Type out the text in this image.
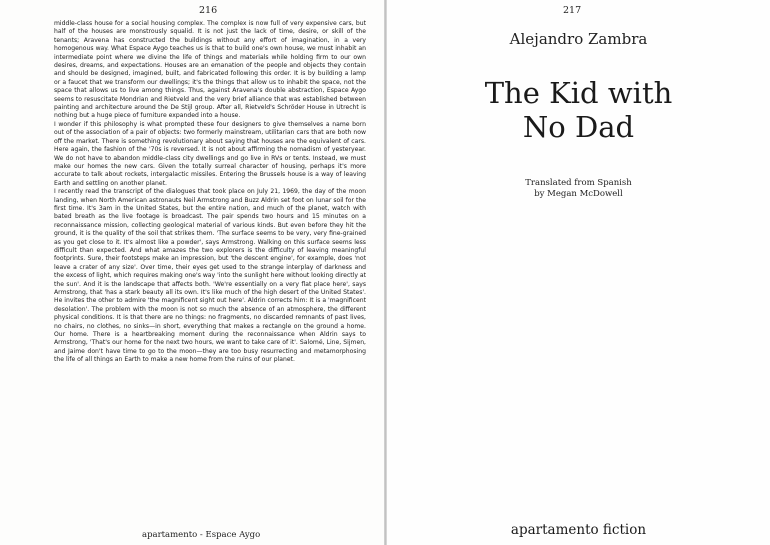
216

middle-class house for a social housing complex. The complex is now full of very expensive cars, but half of the houses are monstrously squalid. It is not just the lack of time, desire, or skill of the tenants; Aravena has constructed the buildings without any effort of imagination, in a very homogenous way. What Espace Aygo teaches us is that to build one's own house, we must inhabit an intermediate point where we divine the life of things and materials while holding firm to our own desires, dreams, and expectations. Houses are an emanation of the people and objects they contain and should be designed, imagined, built, and fabricated following this order. It is by building a lamp or a faucet that we transform our dwellings; it's the things that allow us to inhabit the space, not the space that allows us to live among things. Thus, against Aravena's double abstraction, Espace Aygo seems to resuscitate Mondrian and Rietveld and the very brief alliance that was established between painting and architecture around the De Stijl group. After all, Rietveld's Schröder House in Utrecht is nothing but a huge piece of furniture expanded into a house.

I wonder if this philosophy is what prompted these four designers to give themselves a name born out of the association of a pair of objects: two formerly mainstream, utilitarian cars that are both now off the market. There is something revolutionary about saying that houses are the equivalent of cars. Here again, the fashion of the '70s is reversed. It is not about affirming the nomadism of yesteryear. We do not have to abandon middle-class city dwellings and go live in RVs or tents. Instead, we must make our homes the new cars. Given the totally surreal character of housing, perhaps it's more accurate to talk about rockets, intergalactic missiles. Entering the Brussels house is a way of leaving Earth and settling on another planet.

I recently read the transcript of the dialogues that took place on July 21, 1969, the day of the moon landing, when North American astronauts Neil Armstrong and Buzz Aldrin set foot on lunar soil for the first time. It's 3am in the United States, but the entire nation, and much of the planet, watch with bated breath as the live footage is broadcast. The pair spends two hours and 15 minutes on a reconnaissance mission, collecting geological material of various kinds. But even before they hit the ground, it is the quality of the soil that strikes them. 'The surface seems to be very, very fine-grained as you get close to it. It's almost like a powder', says Armstrong. Walking on this surface seems less difficult than expected. And what amazes the two explorers is the difficulty of leaving meaningful footprints. Sure, their footsteps make an impression, but 'the descent engine', for example, does 'not leave a crater of any size'. Over time, their eyes get used to the strange interplay of darkness and the excess of light, which requires making one's way 'into the sunlight here without looking directly at the sun'. And it is the landscape that affects both. 'We're essentially on a very flat place here', says Armstrong, that 'has a stark beauty all its own. It's like much of the high desert of the United States'. He invites the other to admire 'the magnificent sight out here'. Aldrin corrects him: It is a 'magnificent desolation'. The problem with the moon is not so much the absence of an atmosphere, the different physical conditions. It is that there are no things: no fragments, no discarded remnants of past lives, no chairs, no clothes, no sinks—in short, everything that makes a rectangle on the ground a home. Our home. There is a heartbreaking moment during the reconnaissance when Aldrin says to Armstrong, 'That's our home for the next two hours, we want to take care of it'. Salomé, Line, Sijmen, and Jaime don't have time to go to the moon—they are too busy resurrecting and metamorphosing the life of all things an Earth to make a new home from the ruins of our planet.

apartamento - Espace Aygo
217
Alejandro Zambra
The Kid with
No Dad
Translated from Spanish
by Megan McDowell
apartamento fiction
